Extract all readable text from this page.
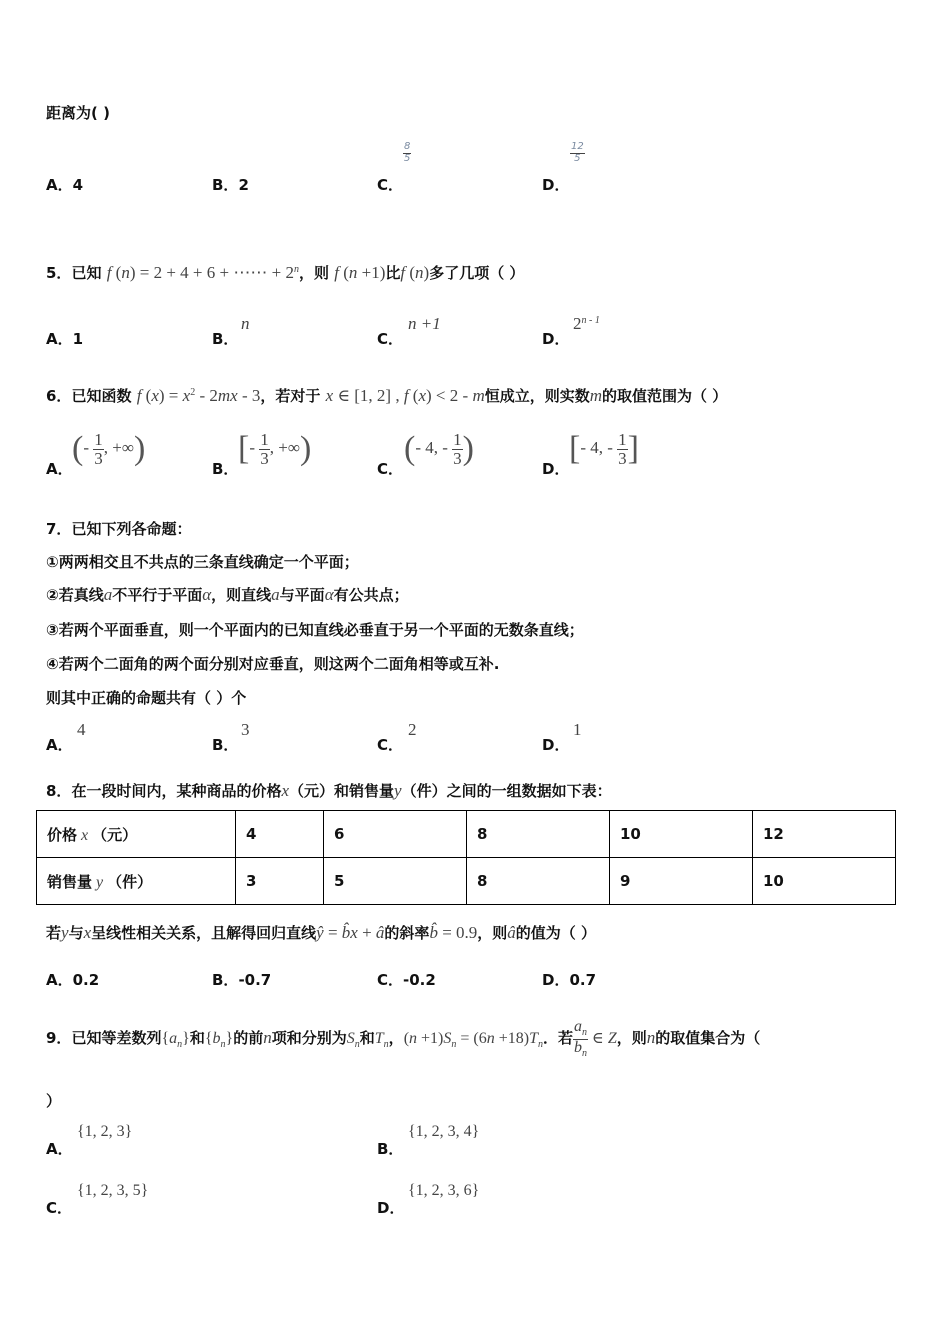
距离为( )
A．4	B．2	C．
$\frac{8}{5}$
D．
$\frac{12}{5}$
5．已知 f (n) = 2 + 4 + 6 + ⋯⋯ + $2^n$，则 f (n +1)比f (n)多了几项（ ）
A．1	B．
n
C．
n +1
D．
2$^{n - 1}$
6．已知函数 f $(x) = x^2 - 2mx - 3$，若对于 x ∈ [1, 2] , f (x) < 2 - m恒成立，则实数m的取值范围为（ ）
A．
(- $\frac{1}{3}$ , +∞)
B．
[- $\frac{1}{3}$ , +∞)
C．
(- 4, - $\frac{1}{3}$ )
D．
[- 4, - $\frac{1}{3}$ ]
7．已知下列各命题：
①两两相交且不共点的三条直线确定一个平面；
②若真线a不平行于平面α，则直线a与平面α有公共点；
③若两个平面垂直，则一个平面内的已知直线必垂直于另一个平面的无数条直线；
④若两个二面角的两个面分别对应垂直，则这两个二面角相等或互补.
则其中正确的命题共有（ ）个
A．
4
B．
3
C．
2
D．
1
8．在一段时间内，某种商品的价格x（元）和销售量y（件）之间的一组数据如下表：
价格 x （元）	4	6	8	10	12
销售量 y （件）	3	5	8	9	10
若y与x呈线性相关关系，且解得回归直线ŷ = b̂x + â的斜率b̂ = 0.9，则â的值为（ ）
A．0.2	B．-0.7	C．-0.2	D．0.7
9．已知等差数列$\{a_n\}$和$\{b_n\}$的前n项和分别为$S_n$和$T_n$，$(n +1)S_n = (6n +18)T_n$．若 $\frac{a_n}{b_n}$ ∈ Z，则n的取值集合为（
）
A．
{1, 2, 3}
B．
{1, 2, 3, 4}
C．
{1, 2, 3, 5}
D．
{1, 2, 3, 6}
